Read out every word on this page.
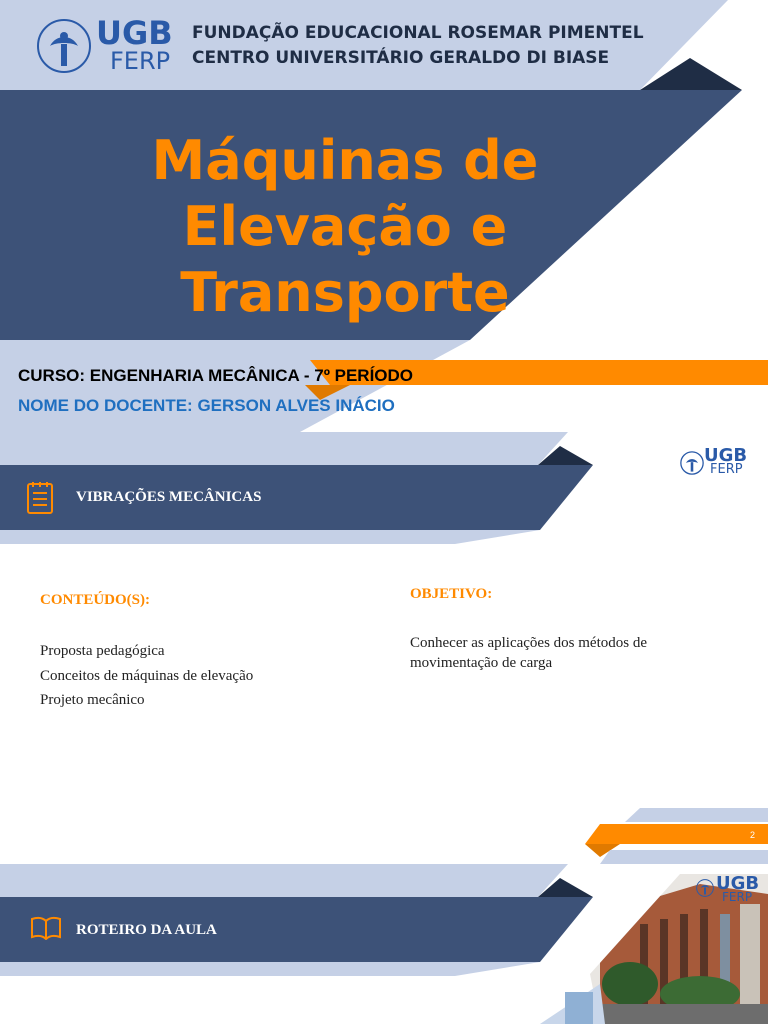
UGB
FERP
FUNDAÇÃO EDUCACIONAL ROSEMAR PIMENTEL
CENTRO UNIVERSITÁRIO GERALDO DI BIASE
Máquinas de
Elevação e
Transporte
CURSO: ENGENHARIA MECÂNICA - 7º PERÍODO
NOME DO DOCENTE: GERSON ALVES INÁCIO
UGB
FERP
VIBRAÇÕES MECÂNICAS
CONTEÚDO(S):
Proposta pedagógica
Conceitos de máquinas de elevação
Projeto mecânico
OBJETIVO:
Conhecer as aplicações dos métodos de
movimentação de carga
2
UGB
FERP
ROTEIRO DA AULA
